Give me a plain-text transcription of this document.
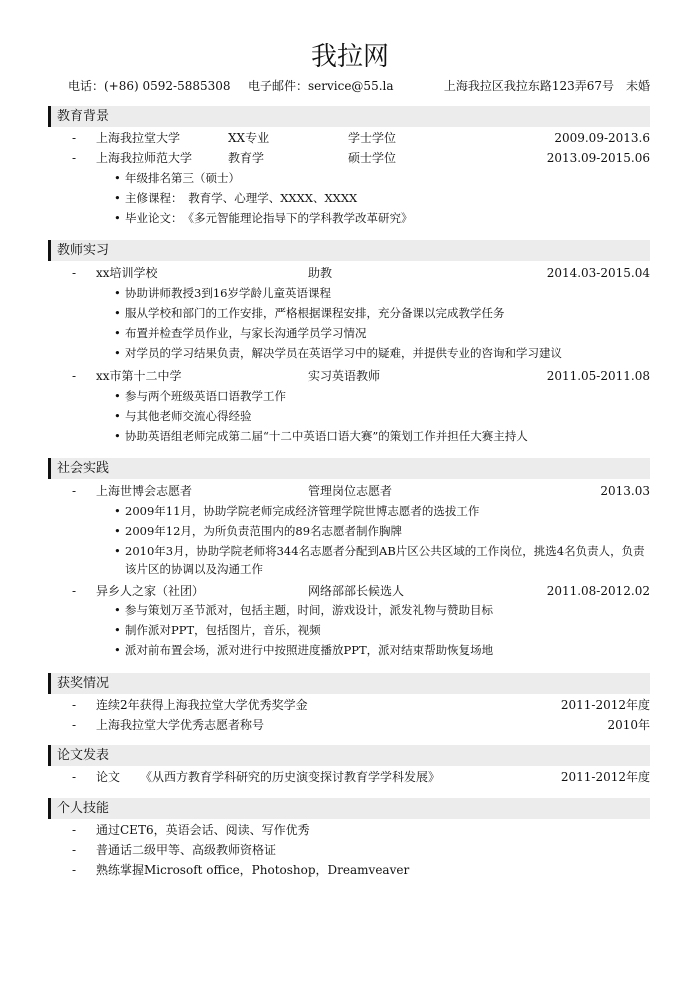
我拉网
电话：(+86) 0592-5885308 电子邮件：service@55.la	上海我拉区我拉东路123弄67号　未婚
教育背景
- 上海我拉堂大学	XX专业	学士学位	2009.09-2013.6
- 上海我拉师范大学	教育学	硕士学位	2013.09-2015.06
• 年级排名第三（硕士）
• 主修课程：　教育学、心理学、XXXX、XXXX
• 毕业论文：　《多元智能理论指导下的学科教学改革研究》
教师实习
- xx培训学校	助教	2014.03-2015.04
• 协助讲师教授3到16岁学龄儿童英语课程
• 服从学校和部门的工作安排，严格根据课程安排，充分备课以完成教学任务
• 布置并检查学员作业，与家长沟通学员学习情况
• 对学员的学习结果负责，解决学员在英语学习中的疑难，并提供专业的咨询和学习建议
- xx市第十二中学	实习英语教师	2011.05-2011.08
• 参与两个班级英语口语教学工作
• 与其他老师交流心得经验
• 协助英语组老师完成第二届“十二中英语口语大赛”的策划工作并担任大赛主持人
社会实践
- 上海世博会志愿者	管理岗位志愿者	2013.03
• 2009年11月，协助学院老师完成经济管理学院世博志愿者的选拔工作
• 2009年12月，为所负责范围内的89名志愿者制作胸牌
• 2010年3月，协助学院老师将344名志愿者分配到AB片区公共区域的工作岗位，挑选4名负责人，负责该片区的协调以及沟通工作
- 异乡人之家（社团）	网络部部长候选人	2011.08-2012.02
• 参与策划万圣节派对，包括主题，时间，游戏设计，派发礼物与赞助目标
• 制作派对PPT，包括图片，音乐，视频
• 派对前布置会场，派对进行中按照进度播放PPT，派对结束帮助恢复场地
获奖情况
- 连续2年获得上海我拉堂大学优秀奖学金	2011-2012年度
- 上海我拉堂大学优秀志愿者称号	2010年
论文发表
- 论文 《从西方教育学科研究的历史演变探讨教育学学科发展》	2011-2012年度
个人技能
- 通过CET6，英语会话、阅读、写作优秀
- 普通话二级甲等、高级教师资格证
- 熟练掌握Microsoft office，Photoshop，Dreamveaver
